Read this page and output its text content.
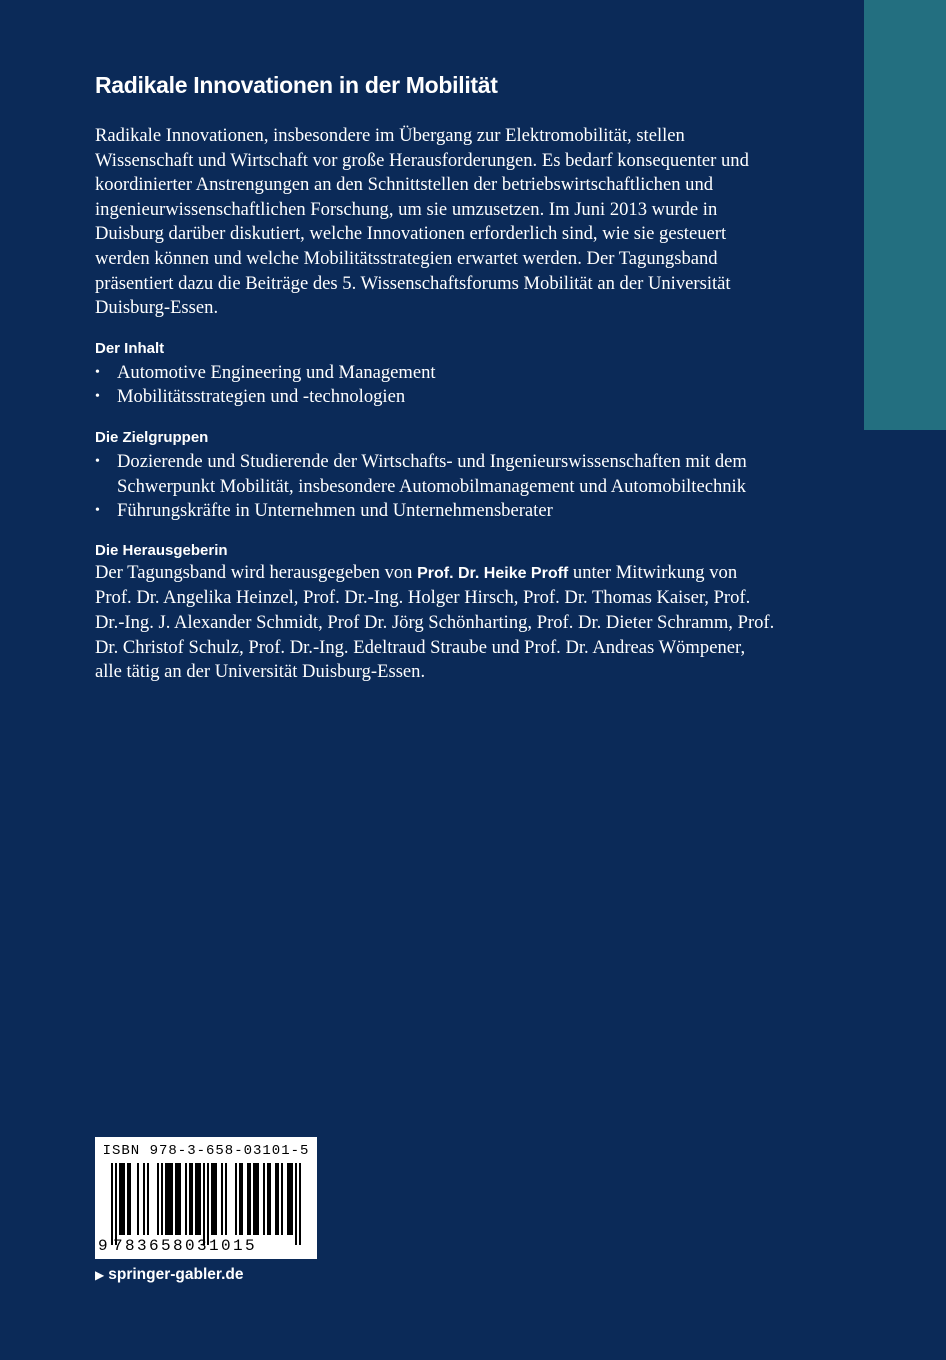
Radikale Innovationen in der Mobilität

Radikale Innovationen, insbesondere im Übergang zur Elektromobilität, stellen Wissenschaft und Wirtschaft vor große Herausforderungen. Es bedarf konsequenter und koordinierter Anstrengungen an den Schnittstellen der betriebswirtschaftlichen und ingenieurwissenschaftlichen Forschung, um sie umzusetzen. Im Juni 2013 wurde in Duisburg darüber diskutiert, welche Innovationen erforderlich sind, wie sie gesteuert werden können und welche Mobilitätsstrategien erwartet werden. Der Tagungsband präsentiert dazu die Beiträge des 5. Wissenschaftsforums Mobilität an der Universität Duisburg-Essen.

Der Inhalt
• Automotive Engineering und Management
• Mobilitätsstrategien und -technologien
Die Zielgruppen
• Dozierende und Studierende der Wirtschafts- und Ingenieurswissenschaften mit dem Schwerpunkt Mobilität, insbesondere Automobilmanagement und Automobiltechnik
• Führungskräfte in Unternehmen und Unternehmensberater
Die Herausgeberin

Der Tagungsband wird herausgegeben von Prof. Dr. Heike Proff unter Mitwirkung von Prof. Dr. Angelika Heinzel, Prof. Dr.-Ing. Holger Hirsch, Prof. Dr. Thomas Kaiser, Prof. Dr.-Ing. J. Alexander Schmidt, Prof Dr. Jörg Schönharting, Prof. Dr. Dieter Schramm, Prof. Dr. Christof Schulz, Prof. Dr.-Ing. Edeltraud Straube und Prof. Dr. Andreas Wömpener, alle tätig an der Universität Duisburg-Essen.

ISBN 978-3-658-03101-5
9 783658031015
▶ springer-gabler.de
